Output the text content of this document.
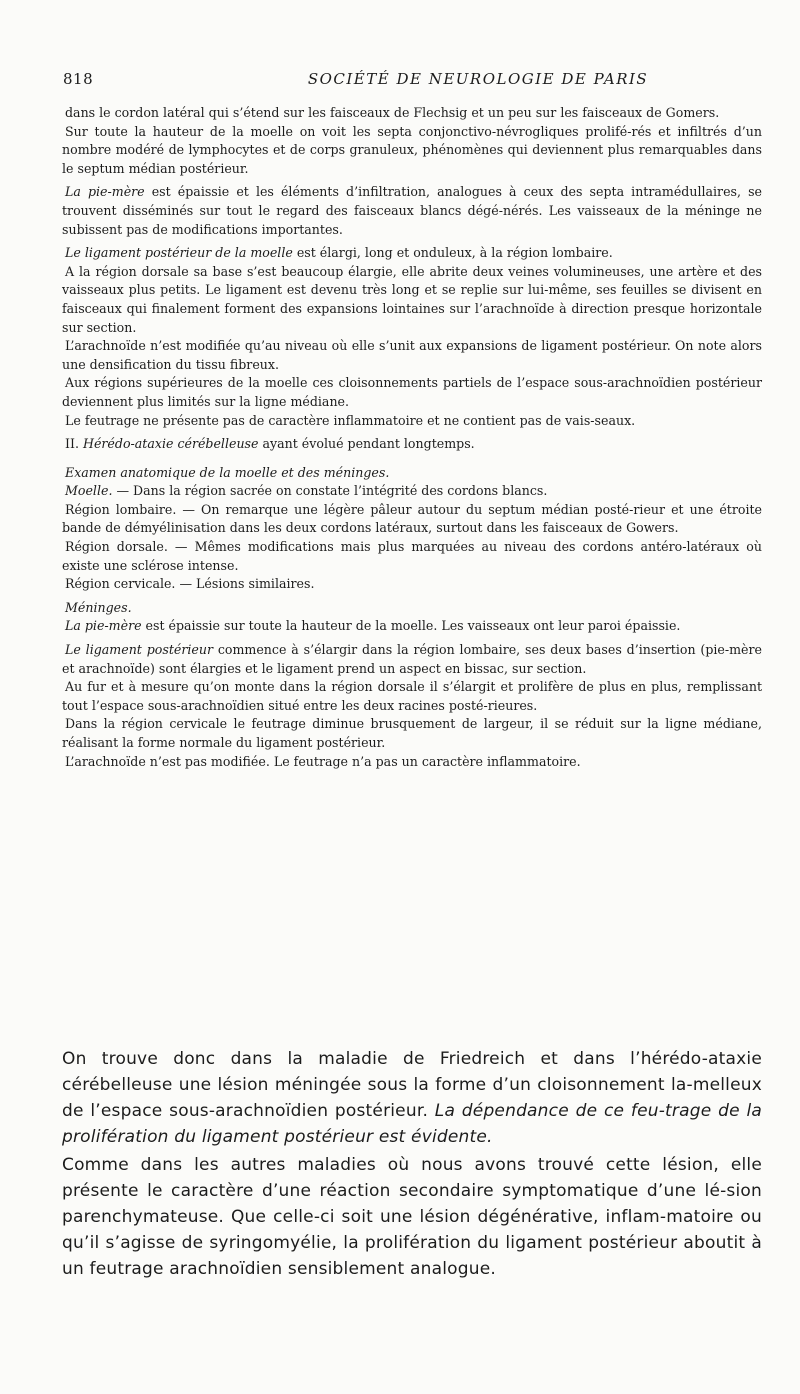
818	SOCIÉTÉ DE NEUROLOGIE DE PARIS

dans le cordon latéral qui s’étend sur les faisceaux de Flechsig et un peu sur les faisceaux de Gomers.

Sur toute la hauteur de la moelle on voit les septa conjonctivo-névrogliques prolifé-rés et infiltrés d’un nombre modéré de lymphocytes et de corps granuleux, phénomènes qui deviennent plus remarquables dans le septum médian postérieur.

La pie-mère est épaissie et les éléments d’infiltration, analogues à ceux des septa intramédullaires, se trouvent disséminés sur tout le regard des faisceaux blancs dégé-nérés. Les vaisseaux de la méninge ne subissent pas de modifications importantes.

Le ligament postérieur de la moelle est élargi, long et onduleux, à la région lombaire.

A la région dorsale sa base s’est beaucoup élargie, elle abrite deux veines volumineuses, une artère et des vaisseaux plus petits. Le ligament est devenu très long et se replie sur lui-même, ses feuilles se divisent en faisceaux qui finalement forment des expansions lointaines sur l’arachnoïde à direction presque horizontale sur section.

L’arachnoïde n’est modifiée qu’au niveau où elle s’unit aux expansions de ligament postérieur. On note alors une densification du tissu fibreux.

Aux régions supérieures de la moelle ces cloisonnements partiels de l’espace sous-arachnoïdien postérieur deviennent plus limités sur la ligne médiane.

Le feutrage ne présente pas de caractère inflammatoire et ne contient pas de vais-seaux.

II. Hérédo-ataxie cérébelleuse ayant évolué pendant longtemps.

Examen anatomique de la moelle et des méninges.

Moelle. — Dans la région sacrée on constate l’intégrité des cordons blancs.

Région lombaire. — On remarque une légère pâleur autour du septum médian posté-rieur et une étroite bande de démyélinisation dans les deux cordons latéraux, surtout dans les faisceaux de Gowers.

Région dorsale. — Mêmes modifications mais plus marquées au niveau des cordons antéro-latéraux où existe une sclérose intense.

Région cervicale. — Lésions similaires.

Méninges.

La pie-mère est épaissie sur toute la hauteur de la moelle. Les vaisseaux ont leur paroi épaissie.

Le ligament postérieur commence à s’élargir dans la région lombaire, ses deux bases d’insertion (pie-mère et arachnoïde) sont élargies et le ligament prend un aspect en bissac, sur section.

Au fur et à mesure qu’on monte dans la région dorsale il s’élargit et prolifère de plus en plus, remplissant tout l’espace sous-arachnoïdien situé entre les deux racines posté-rieures.

Dans la région cervicale le feutrage diminue brusquement de largeur, il se réduit sur la ligne médiane, réalisant la forme normale du ligament postérieur.

L’arachnoïde n’est pas modifiée. Le feutrage n’a pas un caractère inflammatoire.

On trouve donc dans la maladie de Friedreich et dans l’hérédo-ataxie cérébelleuse une lésion méningée sous la forme d’un cloisonnement la-melleux de l’espace sous-arachnoïdien postérieur. La dépendance de ce feu-trage de la prolifération du ligament postérieur est évidente.

Comme dans les autres maladies où nous avons trouvé cette lésion, elle présente le caractère d’une réaction secondaire symptomatique d’une lé-sion parenchymateuse. Que celle-ci soit une lésion dégénérative, inflam-matoire ou qu’il s’agisse de syringomyélie, la prolifération du ligament postérieur aboutit à un feutrage arachnoïdien sensiblement analogue.
